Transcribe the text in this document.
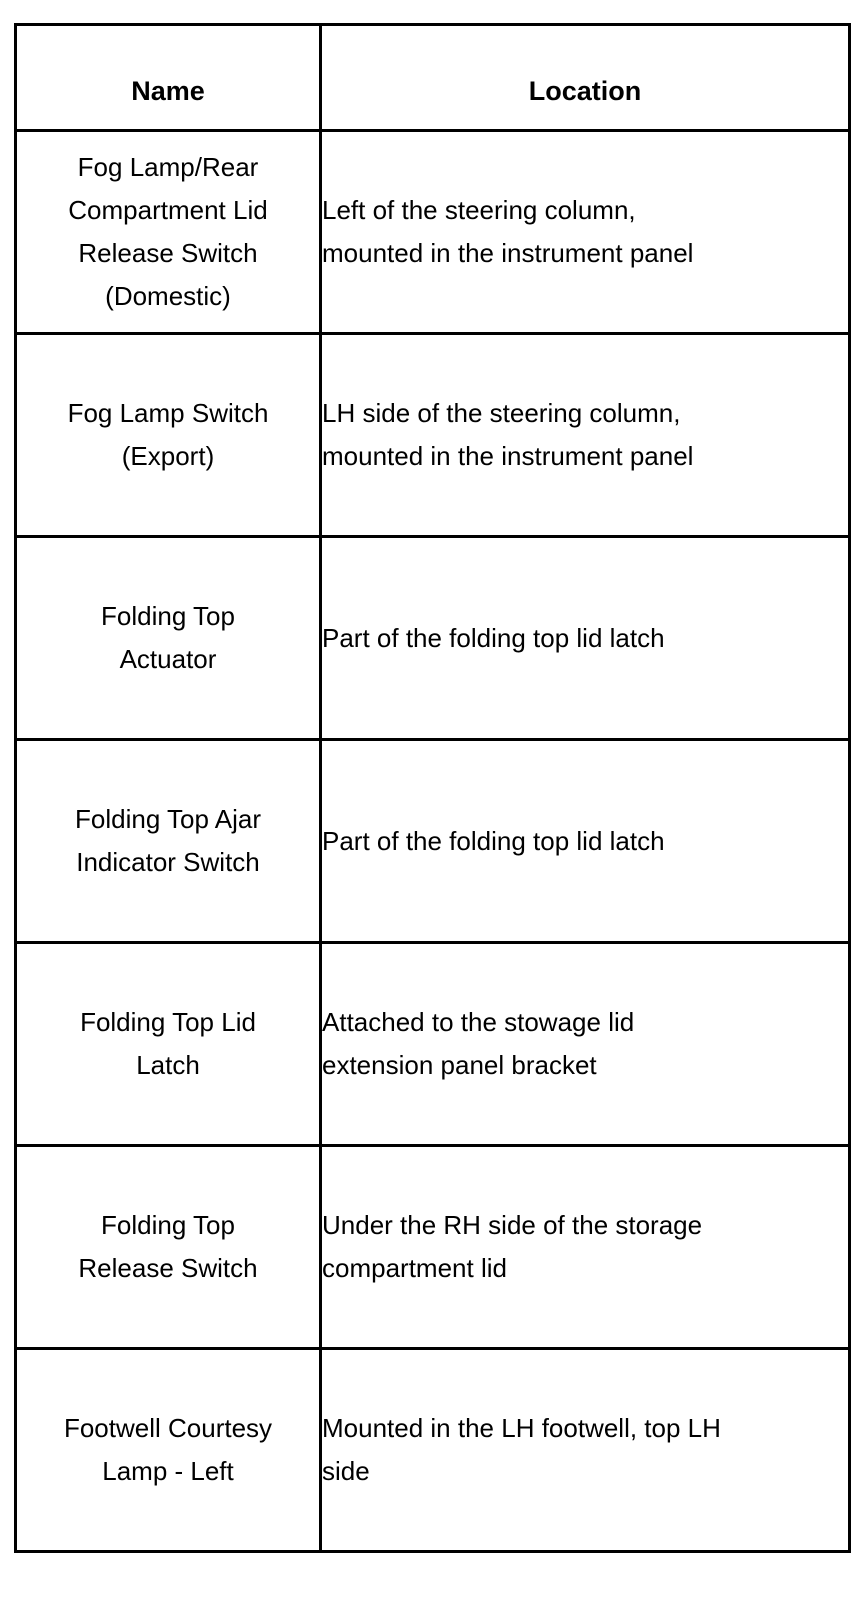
Name	Location

Fog Lamp/Rear
Compartment Lid
Release Switch
(Domestic)	Left of the steering column,
mounted in the instrument panel

Fog Lamp Switch
(Export)	LH side of the steering column,
mounted in the instrument panel

Folding Top
Actuator	Part of the folding top lid latch

Folding Top Ajar
Indicator Switch	Part of the folding top lid latch

Folding Top Lid
Latch	Attached to the stowage lid
extension panel bracket

Folding Top
Release Switch	Under the RH side of the storage
compartment lid

Footwell Courtesy
Lamp - Left	Mounted in the LH footwell, top LH
side
